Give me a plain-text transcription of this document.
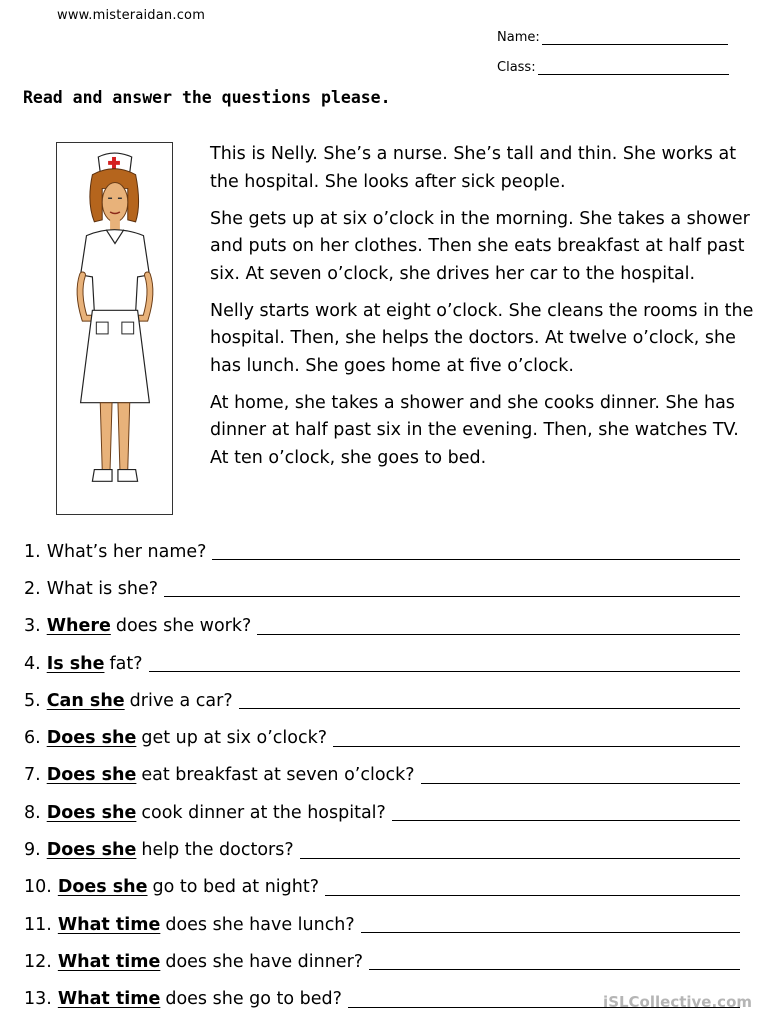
www.misteraidan.com
Name:
Class:
Read and answer the questions please.

This is Nelly. She’s a nurse. She’s tall and thin. She works at the hospital. She looks after sick people.

She gets up at six o’clock in the morning. She takes a shower and puts on her clothes. Then she eats breakfast at half past six. At seven o’clock, she drives her car to the hospital.

Nelly starts work at eight o’clock. She cleans the rooms in the hospital. Then, she helps the doctors. At twelve o’clock, she has lunch. She goes home at five o’clock.

At home, she takes a shower and she cooks dinner. She has dinner at half past six in the evening. Then, she watches TV. At ten o’clock, she goes to bed.

1. What’s her name?
2. What is she?
3. Where does she work?
4. Is she fat?
5. Can she drive a car?
6. Does she get up at six o’clock?
7. Does she eat breakfast at seven o’clock?
8. Does she cook dinner at the hospital?
9. Does she help the doctors?
10. Does she go to bed at night?
11. What time does she have lunch?
12. What time does she have dinner?
13. What time does she go to bed?	iSLCollective.com
